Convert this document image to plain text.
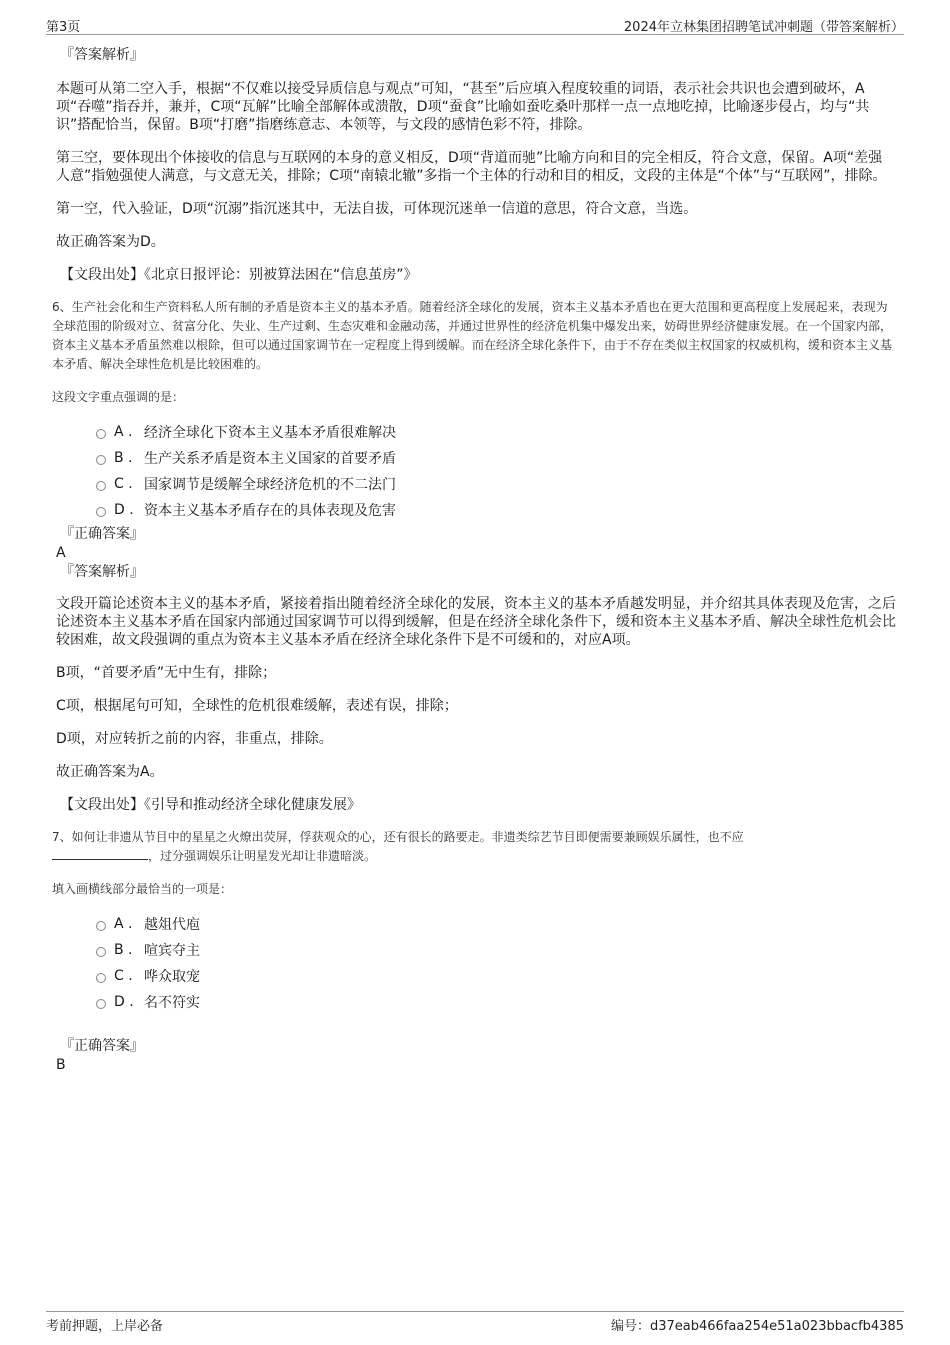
第3页	2024年立林集团招聘笔试冲刺题（带答案解析）
『答案解析』

本题可从第二空入手，根据“不仅难以接受异质信息与观点”可知，“甚至”后应填入程度较重的词语，表示社会共识也会遭到破坏，A项“吞噬”指吞并，兼并，C项“瓦解”比喻全部解体或溃散，D项“蚕食”比喻如蚕吃桑叶那样一点一点地吃掉，比喻逐步侵占，均与“共识”搭配恰当，保留。B项“打磨”指磨练意志、本领等，与文段的感情色彩不符，排除。

第三空，要体现出个体接收的信息与互联网的本身的意义相反，D项“背道而驰”比喻方向和目的完全相反，符合文意，保留。A项“差强人意”指勉强使人满意，与文意无关，排除；C项“南辕北辙”多指一个主体的行动和目的相反，文段的主体是“个体”与“互联网”，排除。

第一空，代入验证，D项“沉溺”指沉迷其中，无法自拔，可体现沉迷单一信道的意思，符合文意，当选。

故正确答案为D。

【文段出处】《北京日报评论：别被算法困在“信息茧房”》

6、生产社会化和生产资料私人所有制的矛盾是资本主义的基本矛盾。随着经济全球化的发展，资本主义基本矛盾也在更大范围和更高程度上发展起来，表现为全球范围的阶级对立、贫富分化、失业、生产过剩、生态灾难和金融动荡，并通过世界性的经济危机集中爆发出来，妨碍世界经济健康发展。在一个国家内部，资本主义基本矛盾虽然难以根除，但可以通过国家调节在一定程度上得到缓解。而在经济全球化条件下，由于不存在类似主权国家的权威机构，缓和资本主义基本矛盾、解决全球性危机是比较困难的。

这段文字重点强调的是：

A . 经济全球化下资本主义基本矛盾很难解决
B . 生产关系矛盾是资本主义国家的首要矛盾
C . 国家调节是缓解全球经济危机的不二法门
D . 资本主义基本矛盾存在的具体表现及危害
『正确答案』
A
『答案解析』

文段开篇论述资本主义的基本矛盾，紧接着指出随着经济全球化的发展，资本主义的基本矛盾越发明显，并介绍其具体表现及危害，之后论述资本主义基本矛盾在国家内部通过国家调节可以得到缓解，但是在经济全球化条件下，缓和资本主义基本矛盾、解决全球性危机会比较困难，故文段强调的重点为资本主义基本矛盾在经济全球化条件下是不可缓和的，对应A项。

B项，“首要矛盾”无中生有，排除；

C项，根据尾句可知，全球性的危机很难缓解，表述有误，排除；

D项，对应转折之前的内容，非重点，排除。

故正确答案为A。

【文段出处】《引导和推动经济全球化健康发展》

7、如何让非遗从节目中的星星之火燎出荧屏，俘获观众的心，还有很长的路要走。非遗类综艺节目即便需要兼顾娱乐属性，也不应
，过分强调娱乐让明星发光却让非遗暗淡。

填入画横线部分最恰当的一项是：

A . 越俎代庖
B . 喧宾夺主
C . 哗众取宠
D . 名不符实
『正确答案』
B
考前押题，上岸必备	编号：d37eab466faa254e51a023bbacfb4385
